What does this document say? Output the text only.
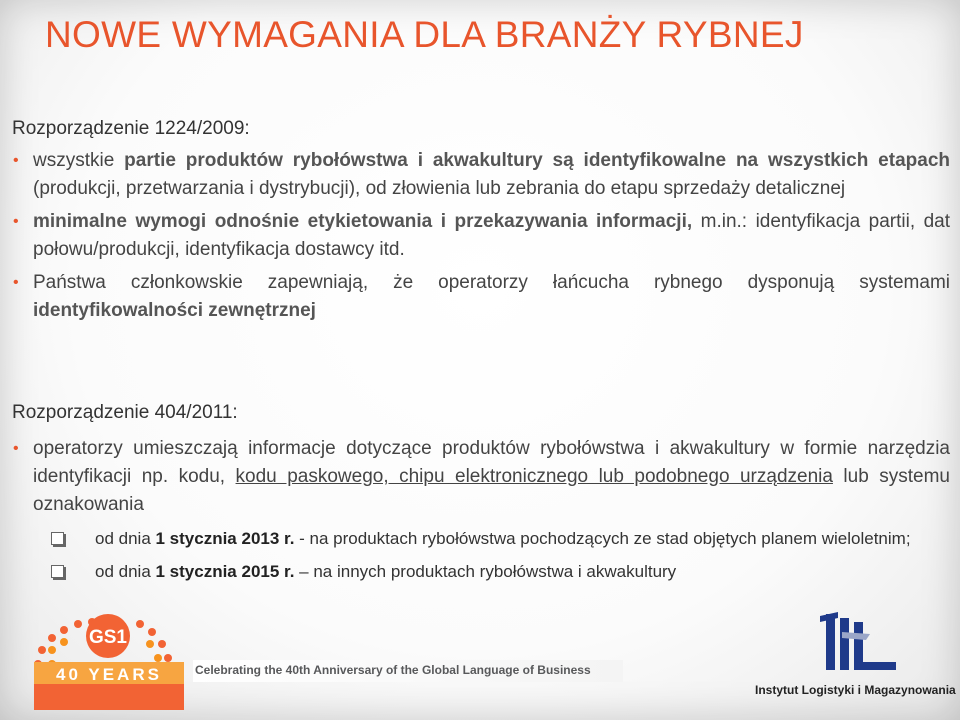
NOWE WYMAGANIA DLA BRANŻY RYBNEJ
Rozporządzenie 1224/2009:
• wszystkie partie produktów rybołówstwa i akwakultury są identyfikowalne na wszystkich etapach (produkcji, przetwarzania i dystrybucji), od złowienia lub zebrania do etapu sprzedaży detalicznej
• minimalne wymogi odnośnie etykietowania i przekazywania informacji, m.in.: identyfikacja partii, dat połowu/produkcji, identyfikacja dostawcy itd.
• Państwa członkowskie zapewniają, że operatorzy łańcucha rybnego dysponują systemami identyfikowalności zewnętrznej
Rozporządzenie 404/2011:
• operatorzy umieszczają informacje dotyczące produktów rybołówstwa i akwakultury w formie narzędzia identyfikacji np. kodu, kodu paskowego, chipu elektronicznego lub podobnego urządzenia lub systemu oznakowania
od dnia 1 stycznia 2013 r. - na produktach rybołówstwa pochodzących ze stad objętych planem wieloletnim;
od dnia 1 stycznia 2015 r. – na innych produktach rybołówstwa i akwakultury
GS1
40 YEARS	Celebrating the 40th Anniversary of the Global Language of Business
Instytut Logistyki i Magazynowania
